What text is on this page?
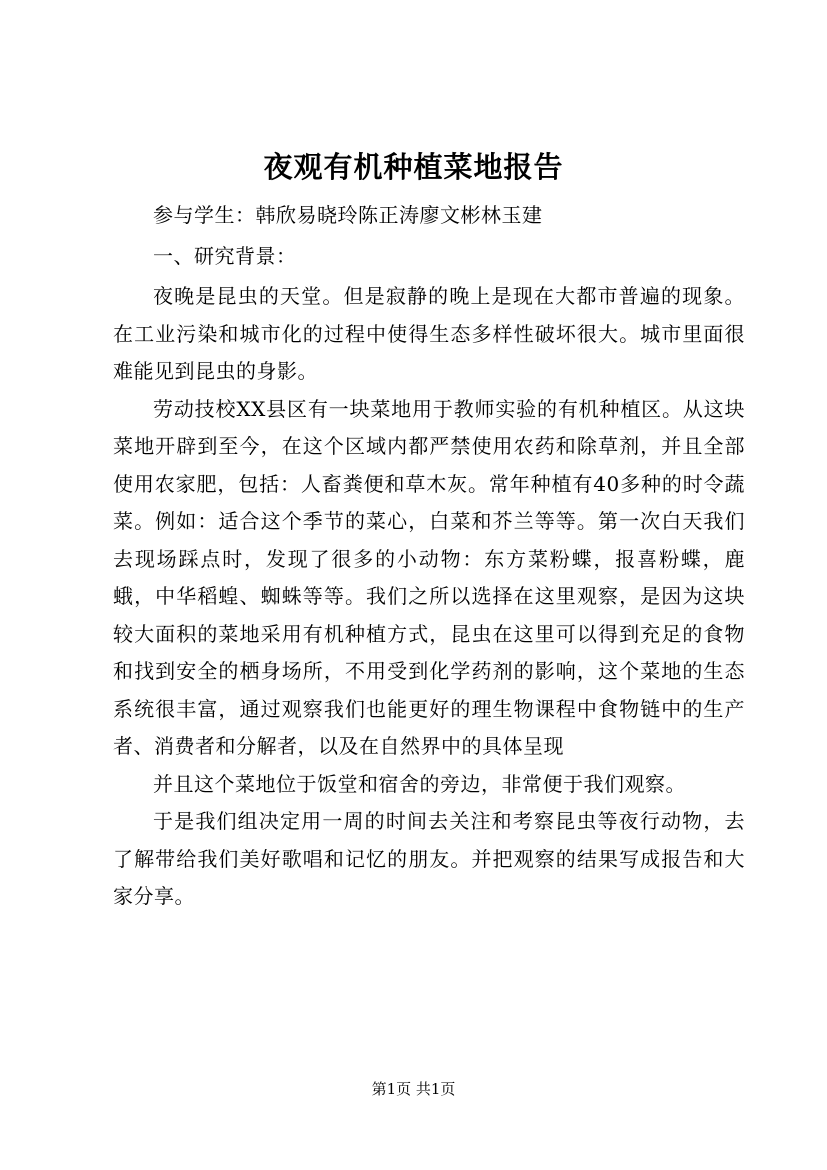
夜观有机种植菜地报告

参与学生：韩欣易晓玲陈正涛廖文彬林玉建

一、研究背景：

夜晚是昆虫的天堂。但是寂静的晚上是现在大都市普遍的现象。在工业污染和城市化的过程中使得生态多样性破坏很大。城市里面很难能见到昆虫的身影。

劳动技校XX县区有一块菜地用于教师实验的有机种植区。从这块菜地开辟到至今，在这个区域内都严禁使用农药和除草剂，并且全部使用农家肥，包括：人畜粪便和草木灰。常年种植有40多种的时令蔬菜。例如：适合这个季节的菜心，白菜和芥兰等等。第一次白天我们去现场踩点时，发现了很多的小动物：东方菜粉蝶，报喜粉蝶，鹿蛾，中华稻蝗、蜘蛛等等。我们之所以选择在这里观察，是因为这块较大面积的菜地采用有机种植方式，昆虫在这里可以得到充足的食物和找到安全的栖身场所，不用受到化学药剂的影响，这个菜地的生态系统很丰富，通过观察我们也能更好的理生物课程中食物链中的生产者、消费者和分解者，以及在自然界中的具体呈现

并且这个菜地位于饭堂和宿舍的旁边，非常便于我们观察。

于是我们组决定用一周的时间去关注和考察昆虫等夜行动物，去了解带给我们美好歌唱和记忆的朋友。并把观察的结果写成报告和大家分享。

第1页 共1页
